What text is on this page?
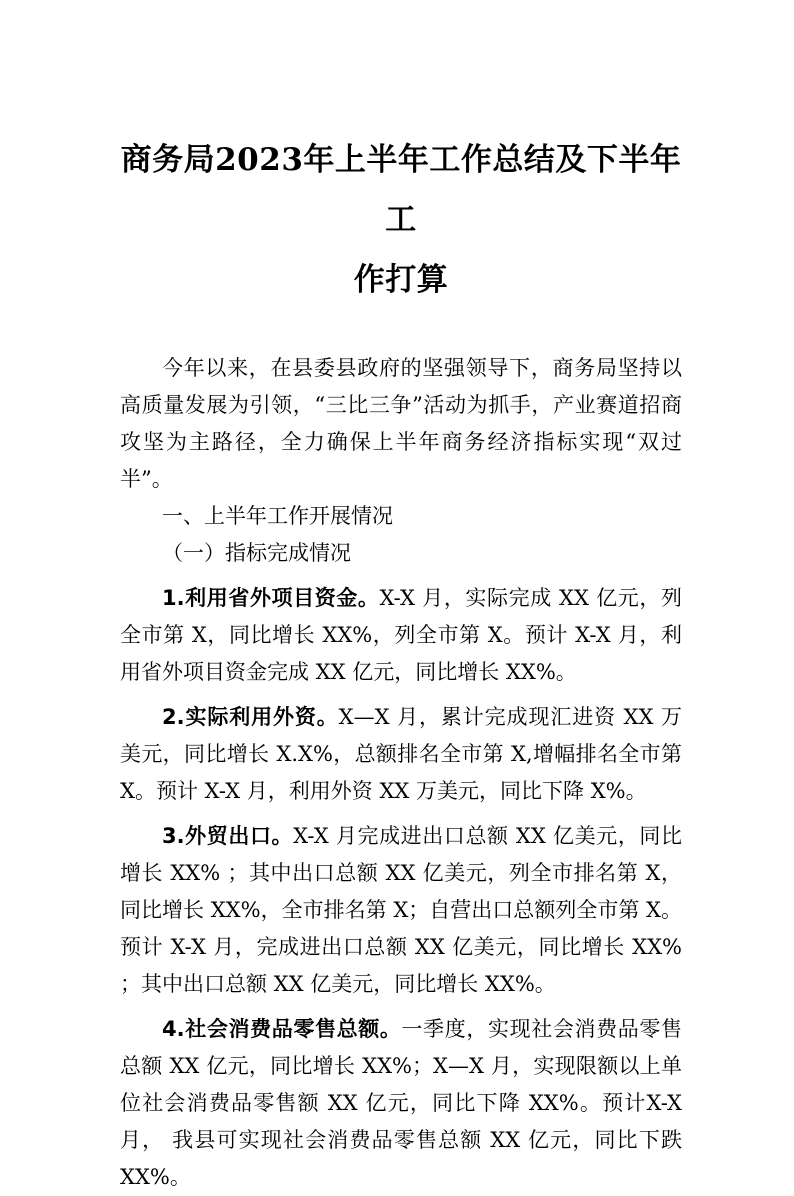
商务局2023年上半年工作总结及下半年工
作打算

今年以来，在县委县政府的坚强领导下，商务局坚持以高质量发展为引领，“三比三争”活动为抓手，产业赛道招商 攻坚为主路径，全力确保上半年商务经济指标实现“双过半”。

一、上半年工作开展情况

（一）指标完成情况

1.利用省外项目资金。X-X 月，实际完成 XX 亿元，列全市第 X，同比增长 XX%，列全市第 X。预计 X-X 月，利用省外项目资金完成 XX 亿元，同比增长 XX%。

2.实际利用外资。X—X 月，累计完成现汇进资 XX 万美元，同比增长 X.X%，总额排名全市第 X,增幅排名全市第 X。预计 X-X 月，利用外资 XX 万美元，同比下降 X%。

3.外贸出口。X-X 月完成进出口总额 XX 亿美元，同比增长 XX% ；其中出口总额 XX 亿美元，列全市排名第 X，同比增长 XX%，全市排名第 X；自营出口总额列全市第 X。预计 X-X 月，完成进出口总额 XX 亿美元，同比增长 XX% ；其中出口总额 XX 亿美元，同比增长 XX%。

4.社会消费品零售总额。一季度，实现社会消费品零售总额 XX 亿元，同比增长 XX%；X—X 月，实现限额以上单位社会消费品零售额 XX 亿元，同比下降 XX%。预计X-X 月， 我县可实现社会消费品零售总额 XX 亿元，同比下跌 XX%。
